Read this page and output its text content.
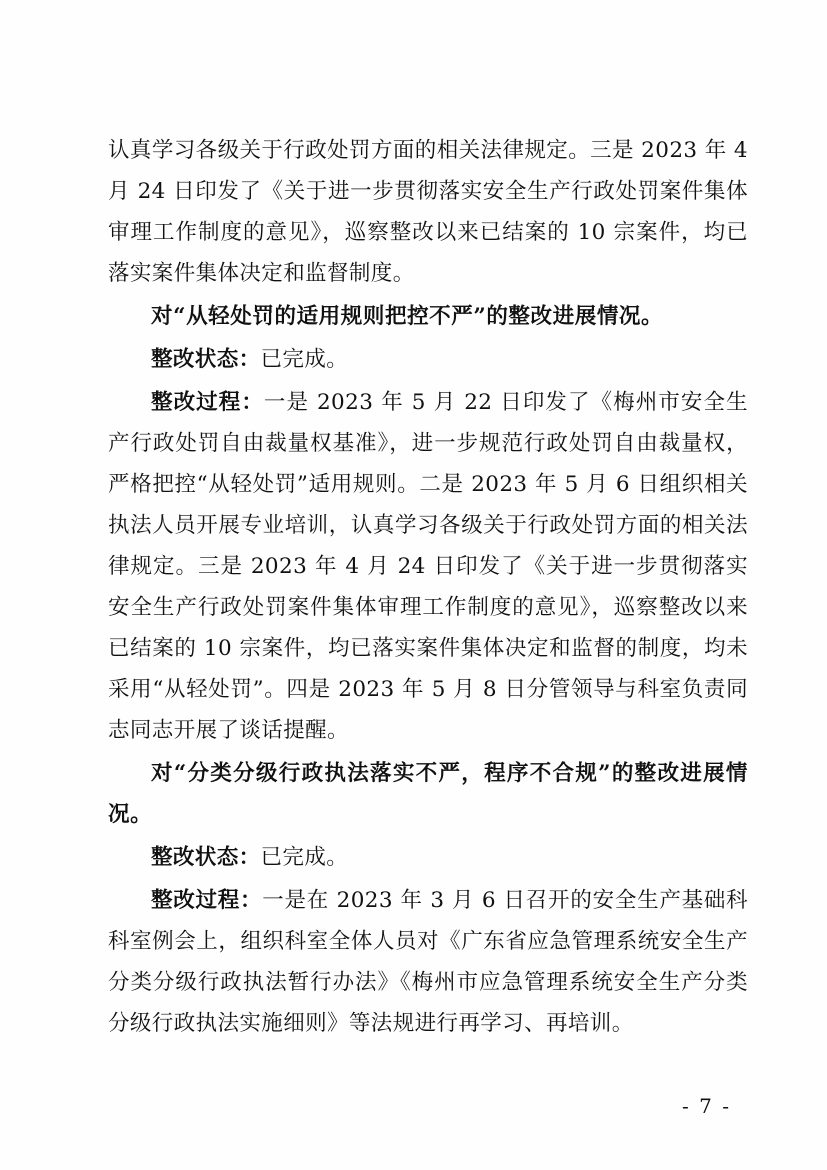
认真学习各级关于行政处罚方面的相关法律规定。三是 2023 年 4 月 24 日印发了《关于进一步贯彻落实安全生产行政处罚案件集体审理工作制度的意见》，巡察整改以来已结案的 10 宗案件，均已落实案件集体决定和监督制度。

对“从轻处罚的适用规则把控不严”的整改进展情况。

整改状态：已完成。

整改过程：一是 2023 年 5 月 22 日印发了《梅州市安全生产行政处罚自由裁量权基准》，进一步规范行政处罚自由裁量权，严格把控“从轻处罚”适用规则。二是 2023 年 5 月 6 日组织相关执法人员开展专业培训，认真学习各级关于行政处罚方面的相关法律规定。三是 2023 年 4 月 24 日印发了《关于进一步贯彻落实安全生产行政处罚案件集体审理工作制度的意见》，巡察整改以来已结案的 10 宗案件，均已落实案件集体决定和监督的制度，均未采用“从轻处罚”。四是 2023 年 5 月 8 日分管领导与科室负责同志同志开展了谈话提醒。

对“分类分级行政执法落实不严，程序不合规”的整改进展情况。

整改状态：已完成。

整改过程：一是在 2023 年 3 月 6 日召开的安全生产基础科科室例会上，组织科室全体人员对《广东省应急管理系统安全生产分类分级行政执法暂行办法》《梅州市应急管理系统安全生产分类分级行政执法实施细则》等法规进行再学习、再培训。

- 7 -
